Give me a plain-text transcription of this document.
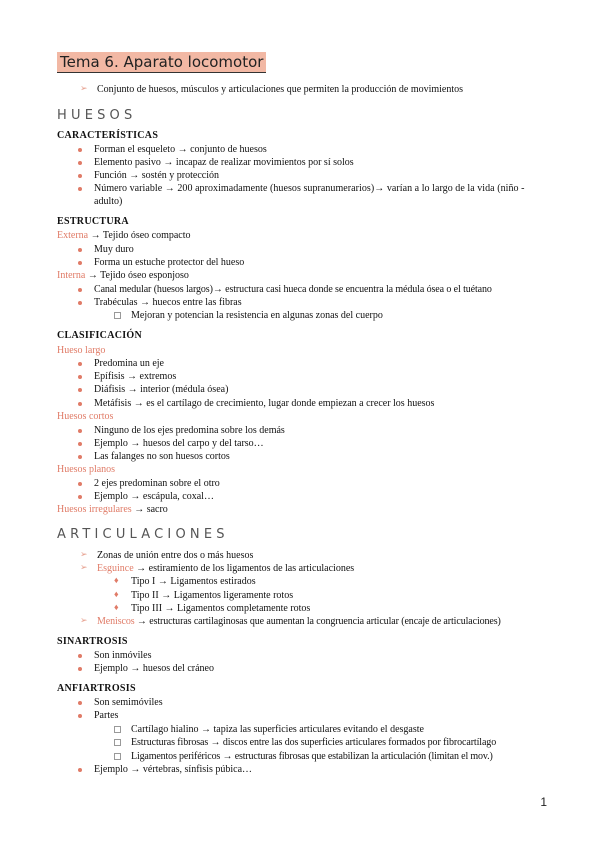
Tema 6. Aparato locomotor
➢ Conjunto de huesos, músculos y articulaciones que permiten la producción de movimientos
HUESOS
CARACTERÍSTICAS
Forman el esqueleto → conjunto de huesos
Elemento pasivo → incapaz de realizar movimientos por sí solos
Función → sostén y protección
Número variable → 200 aproximadamente (huesos supranumerarios)→ varían a lo largo de la vida (niño -
adulto)
ESTRUCTURA
Externa → Tejido óseo compacto
Muy duro
Forma un estuche protector del hueso
Interna → Tejido óseo esponjoso
Canal medular (huesos largos)→ estructura casi hueca donde se encuentra la médula ósea o el tuétano
Trabéculas → huecos entre las fibras
Mejoran y potencian la resistencia en algunas zonas del cuerpo
CLASIFICACIÓN
Hueso largo
Predomina un eje
Epífisis → extremos
Diáfisis → interior (médula ósea)
Metáfisis → es el cartílago de crecimiento, lugar donde empiezan a crecer los huesos
Huesos cortos
Ninguno de los ejes predomina sobre los demás
Ejemplo → huesos del carpo y del tarso…
Las falanges no son huesos cortos
Huesos planos
2 ejes predominan sobre el otro
Ejemplo → escápula, coxal…
Huesos irregulares → sacro
ARTICULACIONES
➢ Zonas de unión entre dos o más huesos
➢ Esguince → estiramiento de los ligamentos de las articulaciones
♦ Tipo I → Ligamentos estirados
♦ Tipo II → Ligamentos ligeramente rotos
♦ Tipo III → Ligamentos completamente rotos
➢ Meniscos → estructuras cartilaginosas que aumentan la congruencia articular (encaje de articulaciones)
SINARTROSIS
Son inmóviles
Ejemplo → huesos del cráneo
ANFIARTROSIS
Son semimóviles
Partes
Cartílago hialino → tapiza las superficies articulares evitando el desgaste
Estructuras fibrosas → discos entre las dos superficies articulares formados por fibrocartílago
Ligamentos periféricos → estructuras fibrosas que estabilizan la articulación (limitan el mov.)
Ejemplo → vértebras, sínfisis púbica…
1
